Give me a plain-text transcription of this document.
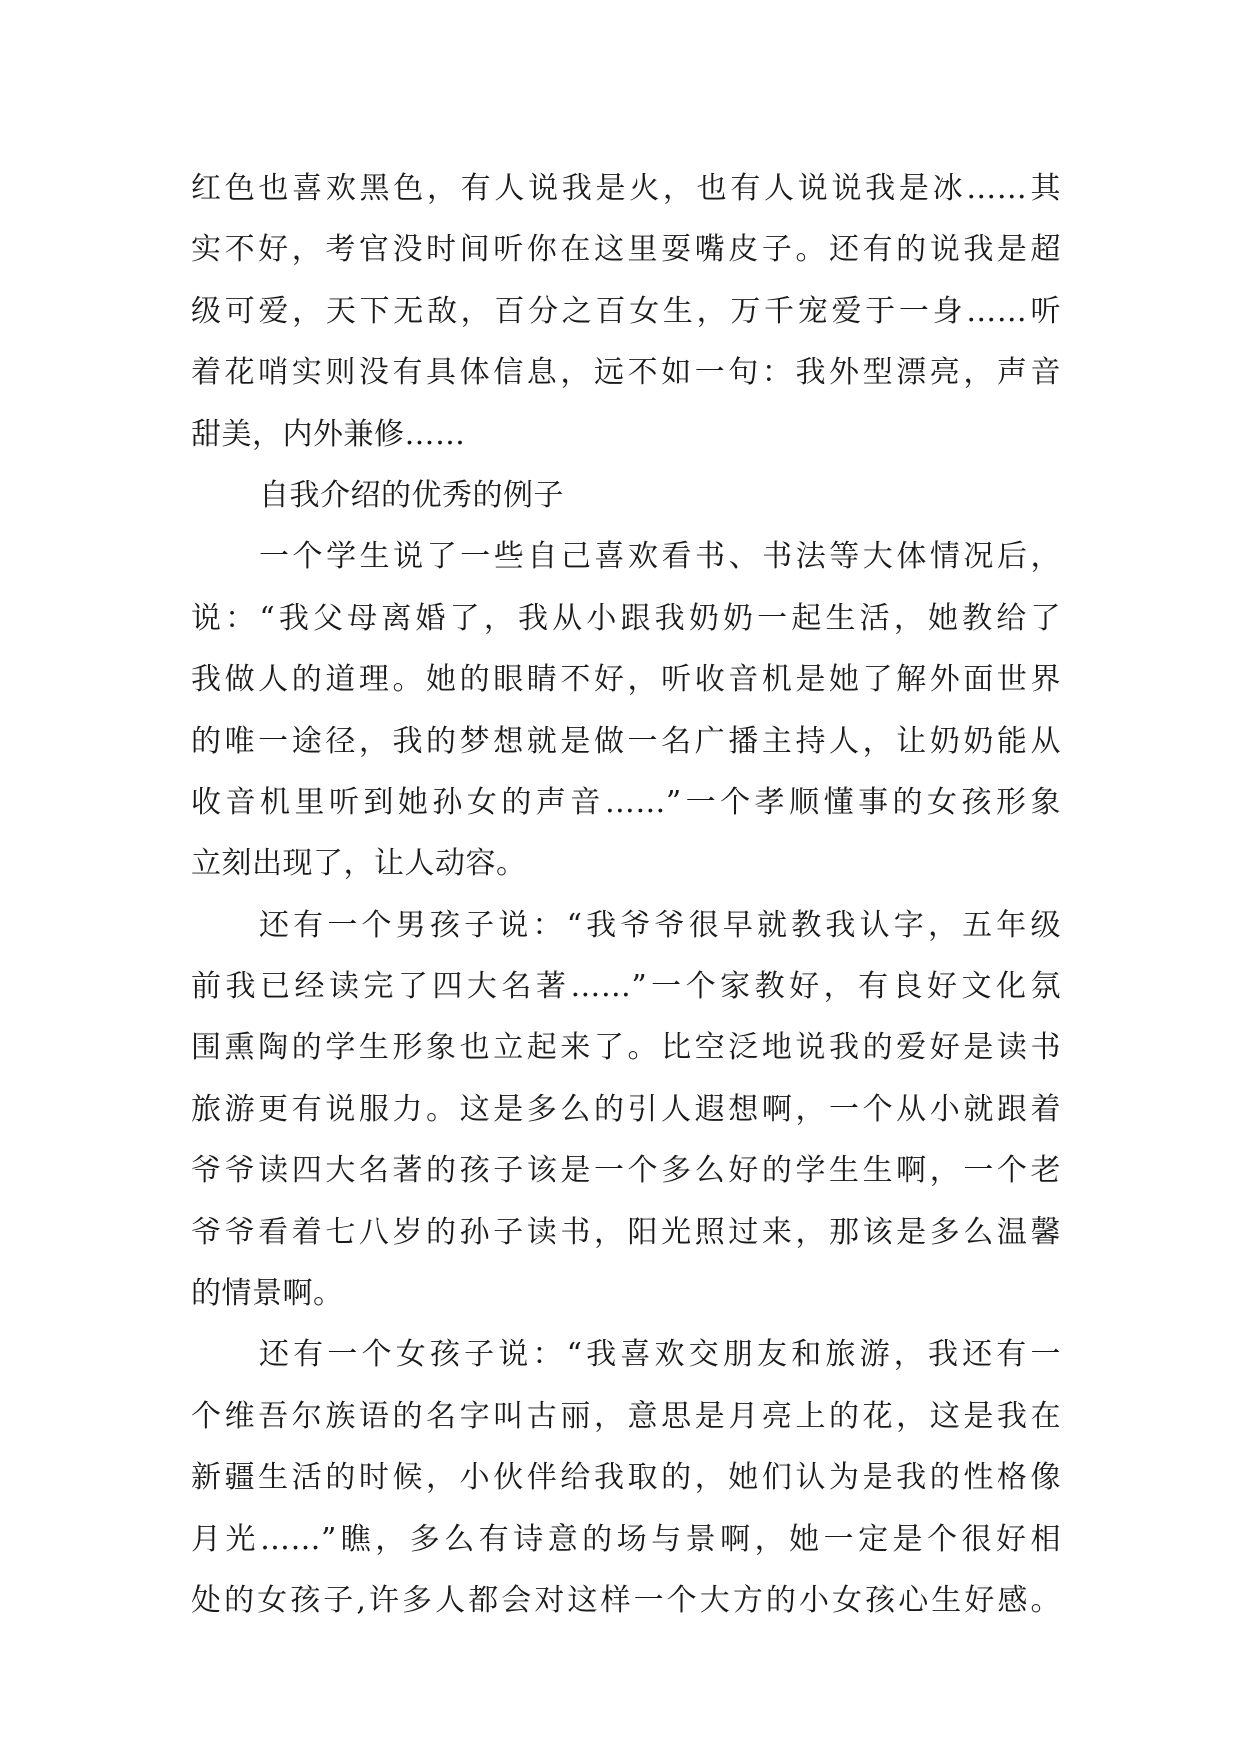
红色也喜欢黑色，有人说我是火，也有人说说我是冰……其
实不好，考官没时间听你在这里耍嘴皮子。还有的说我是超
级可爱，天下无敌，百分之百女生，万千宠爱于一身……听
着花哨实则没有具体信息，远不如一句：我外型漂亮，声音
甜美，内外兼修……
自我介绍的优秀的例子
一个学生说了一些自己喜欢看书、书法等大体情况后，
说：“我父母离婚了，我从小跟我奶奶一起生活，她教给了
我做人的道理。她的眼睛不好，听收音机是她了解外面世界
的唯一途径，我的梦想就是做一名广播主持人，让奶奶能从
收音机里听到她孙女的声音……”一个孝顺懂事的女孩形象
立刻出现了，让人动容。
还有一个男孩子说：“我爷爷很早就教我认字，五年级
前我已经读完了四大名著……”一个家教好，有良好文化氛
围熏陶的学生形象也立起来了。比空泛地说我的爱好是读书
旅游更有说服力。这是多么的引人遐想啊，一个从小就跟着
爷爷读四大名著的孩子该是一个多么好的学生生啊，一个老
爷爷看着七八岁的孙子读书，阳光照过来，那该是多么温馨
的情景啊。
还有一个女孩子说：“我喜欢交朋友和旅游，我还有一
个维吾尔族语的名字叫古丽，意思是月亮上的花，这是我在
新疆生活的时候，小伙伴给我取的，她们认为是我的性格像
月光……”瞧，多么有诗意的场与景啊，她一定是个很好相
处的女孩子,许多人都会对这样一个大方的小女孩心生好感。
